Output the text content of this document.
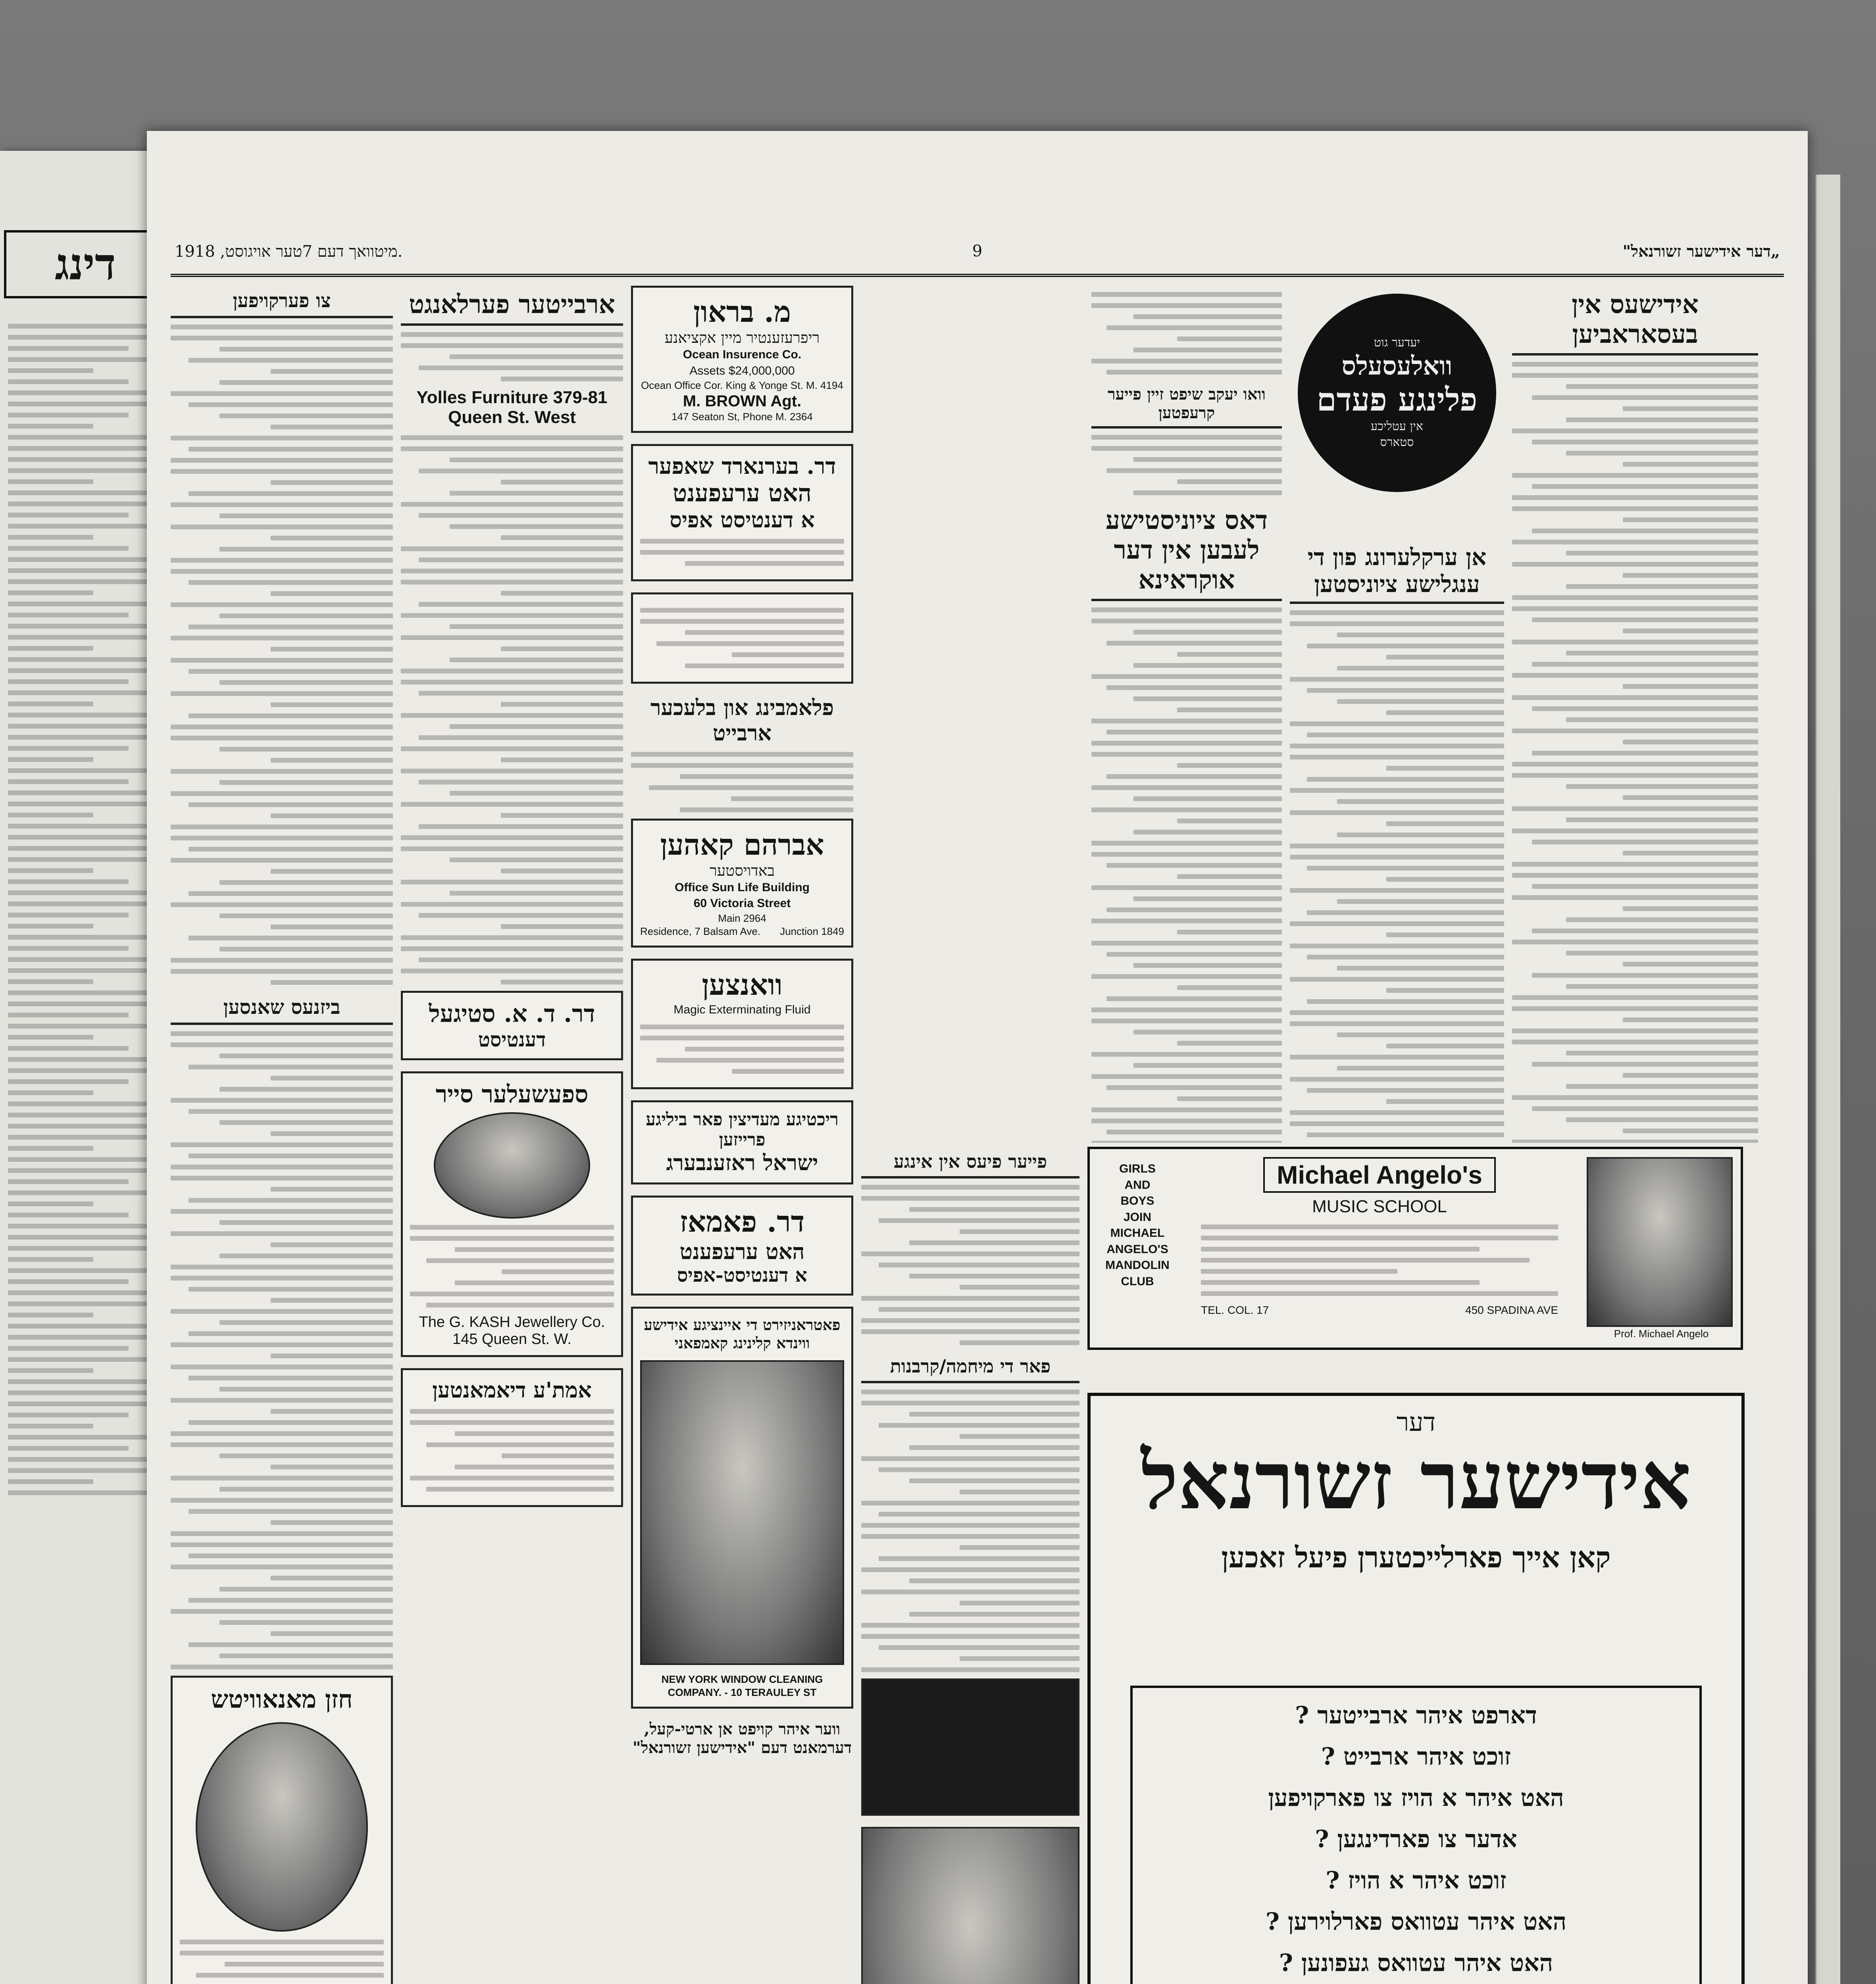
דינג	מיטוואך דעם 7טער אויגוסט, 1918.	9	„דער אידישער זשורנאל"
אידישעס אין בעסאראביען
יעדער גוט
וואלעסעלס
פלינגע פעדם
אין עטליכע
סטארס
אן ערקלערונג פון די ענגלישע ציוניסטען
וואו יעקב שיפט זיין פייער קרעפטען
דאס ציוניסטישע לעבען אין דער אוקראינא
GIRLS
AND
BOYS
JOIN
MICHAEL
ANGELO'S
MANDOLIN
CLUB
Michael Angelo's
MUSIC SCHOOL
TEL. COL. 17	450 SPADINA AVE
Prof. Michael Angelo
דער
אידישער זשורנאל
קאן אייך פארלייכטערן פיעל זאכען
דארפט איהר ארבייטער ?
זוכט איהר ארבייט ?
האט איהר א הויז צו פארקויפען
אדער צו פארדינגען ?
זוכט איהר א הויז ?
האט איהר עטוואס פארלוירען ?
האט איהר עטוואס געפונען ?
פייער פיעס אין אינגע
פאר די מיחמה/קרבנות

מ. בראון
ריפרעזענטיר מיין אקציאנע
Ocean Insurence Co.
Assets $24,000,000
Ocean Office Cor. King & Yonge St. M. 4194
M. BROWN Agt.
147 Seaton St, Phone M. 2364
דר. בערנארד שאפער
האט ערעפענט
א דענטיסט אפיס
פלאמבינג און בלעכער ארבייט
אברהם קאהען
באדויסטער
Office Sun Life Building
60 Victoria Street
Main 2964
Residence, 7 Balsam Ave. Junction 1849
וואנצען
Magic Exterminating Fluid
ריכטיגע מעדיצין פאר ביליגע פרייזען
ישראל ראזענבערג
דר. פאמאז
האט ערעפענט
א דענטיסט-אפיס
פאטראניזירט די איינציגע אידישע ווינדא קלינינג קאמפאני
NEW YORK WINDOW CLEANING COMPANY. - 10 TERAULEY ST
ווער איהר קויפט אן ארטי-קעל, דערמאנט דעם "אידישען זשורנאל"
ארבייטער פערלאנגט
Yolles Furniture 379-81
Queen St. West
דר. ד. א. סטיגעל
דענטיסט
ספעשעלער סייר
The G. KASH Jewellery Co. 145 Queen St. W.
אמת'ע דיאמאנטען
צו פערקויפען
ביזנעס שאנסען
חזן מאנאוויטש
